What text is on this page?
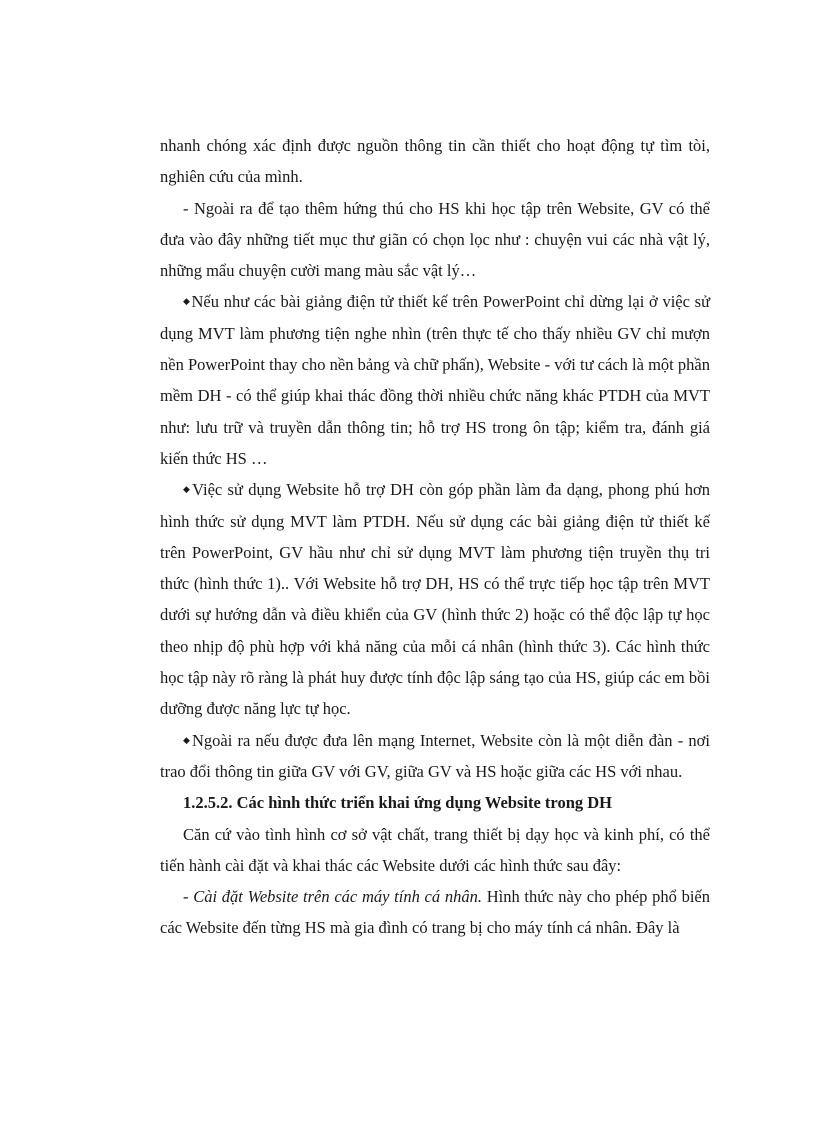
nhanh chóng xác định được nguồn thông tin cần thiết cho hoạt động tự tìm tòi, nghiên cứu của mình.

- Ngoài ra để tạo thêm hứng thú cho HS khi học tập trên Website, GV có thể đưa vào đây những tiết mục thư giãn có chọn lọc như : chuyện vui các nhà vật lý, những mẩu chuyện cười mang màu sắc vật lý…

◆Nếu như các bài giảng điện tử thiết kế trên PowerPoint chỉ dừng lại ở việc sử dụng MVT làm phương tiện nghe nhìn (trên thực tế cho thấy nhiều GV chỉ mượn nền PowerPoint thay cho nền bảng và chữ phấn), Website - với tư cách là một phần mềm DH - có thể giúp khai thác đồng thời nhiều chức năng khác PTDH của MVT như: lưu trữ và truyền dẫn thông tin; hỗ trợ HS trong ôn tập; kiểm tra, đánh giá kiến thức HS …

◆Việc sử dụng Website hỗ trợ DH còn góp phần làm đa dạng, phong phú hơn hình thức sử dụng MVT làm PTDH. Nếu sử dụng các bài giảng điện tử thiết kế trên PowerPoint, GV hầu như chỉ sử dụng MVT làm phương tiện truyền thụ tri thức (hình thức 1).. Với Website hỗ trợ DH, HS có thể trực tiếp học tập trên MVT dưới sự hướng dẫn và điều khiển của GV (hình thức 2) hoặc có thể độc lập tự học theo nhịp độ phù hợp với khả năng của mỗi cá nhân (hình thức 3). Các hình thức học tập này rõ ràng là phát huy được tính độc lập sáng tạo của HS, giúp các em bồi dưỡng được năng lực tự học.

◆Ngoài ra nếu được đưa lên mạng Internet, Website còn là một diễn đàn - nơi trao đổi thông tin giữa GV với GV, giữa GV và HS hoặc giữa các HS với nhau.

1.2.5.2. Các hình thức triển khai ứng dụng Website trong DH

Căn cứ vào tình hình cơ sở vật chất, trang thiết bị dạy học và kinh phí, có thể tiến hành cài đặt và khai thác các Website dưới các hình thức sau đây:

- Cài đặt Website trên các máy tính cá nhân. Hình thức này cho phép phổ biến các Website đến từng HS mà gia đình có trang bị cho máy tính cá nhân. Đây là
